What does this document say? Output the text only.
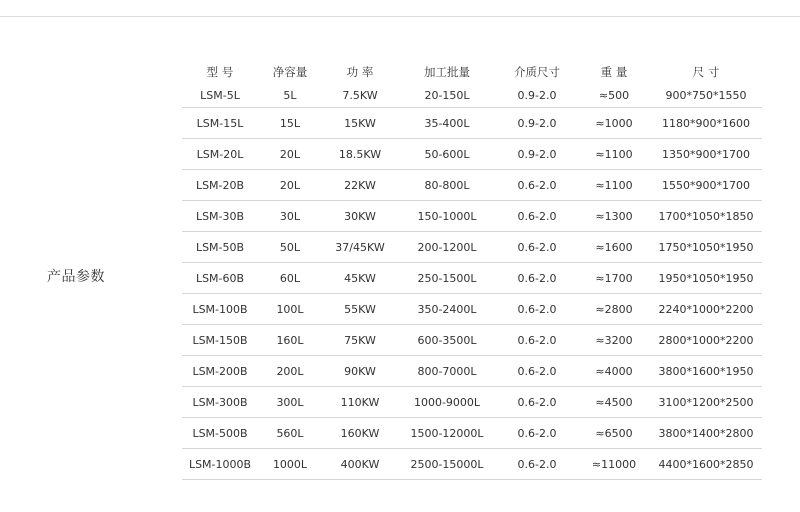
产品参数
型 号	净容量	功 率	加工批量	介质尺寸	重 量	尺 寸
LSM-5L	5L	7.5KW	20-150L	0.9-2.0	≈500	900*750*1550
LSM-15L	15L	15KW	35-400L	0.9-2.0	≈1000	1180*900*1600
LSM-20L	20L	18.5KW	50-600L	0.9-2.0	≈1100	1350*900*1700
LSM-20B	20L	22KW	80-800L	0.6-2.0	≈1100	1550*900*1700
LSM-30B	30L	30KW	150-1000L	0.6-2.0	≈1300	1700*1050*1850
LSM-50B	50L	37/45KW	200-1200L	0.6-2.0	≈1600	1750*1050*1950
LSM-60B	60L	45KW	250-1500L	0.6-2.0	≈1700	1950*1050*1950
LSM-100B	100L	55KW	350-2400L	0.6-2.0	≈2800	2240*1000*2200
LSM-150B	160L	75KW	600-3500L	0.6-2.0	≈3200	2800*1000*2200
LSM-200B	200L	90KW	800-7000L	0.6-2.0	≈4000	3800*1600*1950
LSM-300B	300L	110KW	1000-9000L	0.6-2.0	≈4500	3100*1200*2500
LSM-500B	560L	160KW	1500-12000L	0.6-2.0	≈6500	3800*1400*2800
LSM-1000B	1000L	400KW	2500-15000L	0.6-2.0	≈11000	4400*1600*2850
